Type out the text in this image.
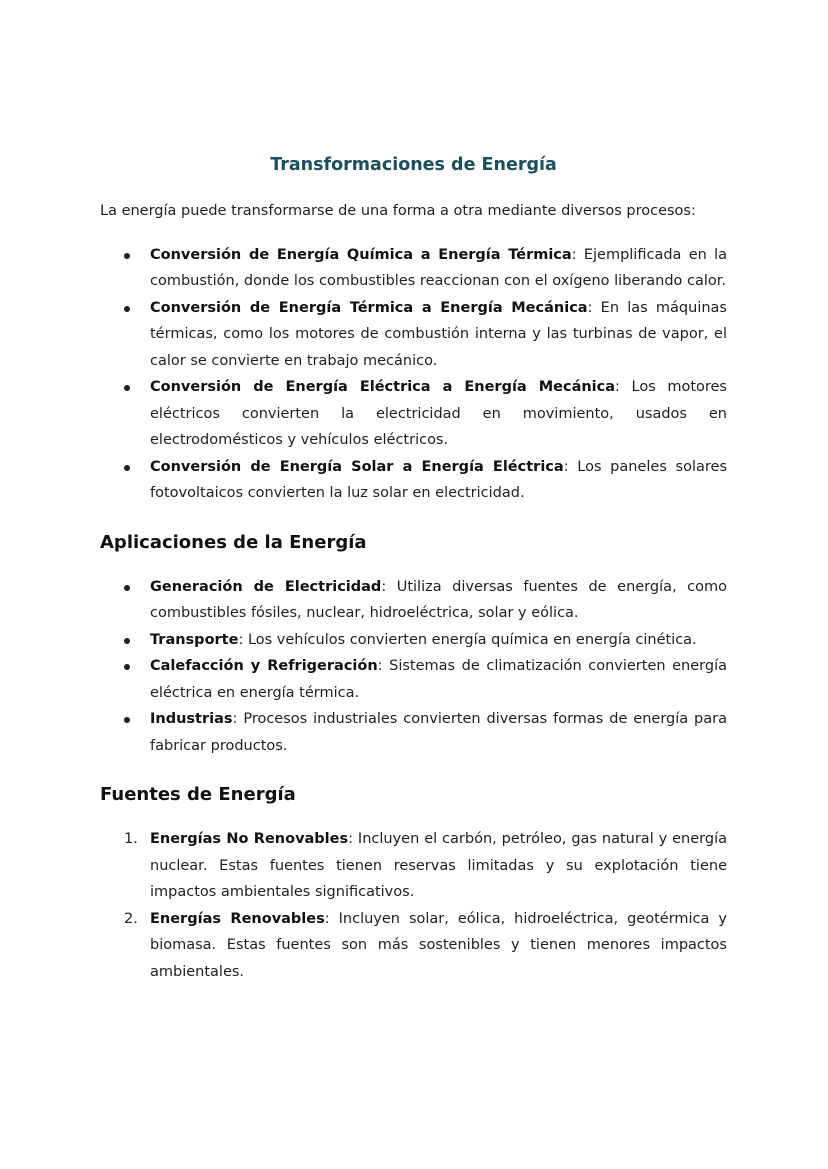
Transformaciones de Energía

La energía puede transformarse de una forma a otra mediante diversos procesos:

Conversión de Energía Química a Energía Térmica: Ejemplificada en la combustión, donde los combustibles reaccionan con el oxígeno liberando calor.
Conversión de Energía Térmica a Energía Mecánica: En las máquinas térmicas, como los motores de combustión interna y las turbinas de vapor, el calor se convierte en trabajo mecánico.
Conversión de Energía Eléctrica a Energía Mecánica: Los motores eléctricos convierten la electricidad en movimiento, usados en electrodomésticos y vehículos eléctricos.
Conversión de Energía Solar a Energía Eléctrica: Los paneles solares fotovoltaicos convierten la luz solar en electricidad.
Aplicaciones de la Energía
Generación de Electricidad: Utiliza diversas fuentes de energía, como combustibles fósiles, nuclear, hidroeléctrica, solar y eólica.
Transporte: Los vehículos convierten energía química en energía cinética.
Calefacción y Refrigeración: Sistemas de climatización convierten energía eléctrica en energía térmica.
Industrias: Procesos industriales convierten diversas formas de energía para fabricar productos.
Fuentes de Energía
1. Energías No Renovables: Incluyen el carbón, petróleo, gas natural y energía nuclear. Estas fuentes tienen reservas limitadas y su explotación tiene impactos ambientales significativos.
2. Energías Renovables: Incluyen solar, eólica, hidroeléctrica, geotérmica y biomasa. Estas fuentes son más sostenibles y tienen menores impactos ambientales.
